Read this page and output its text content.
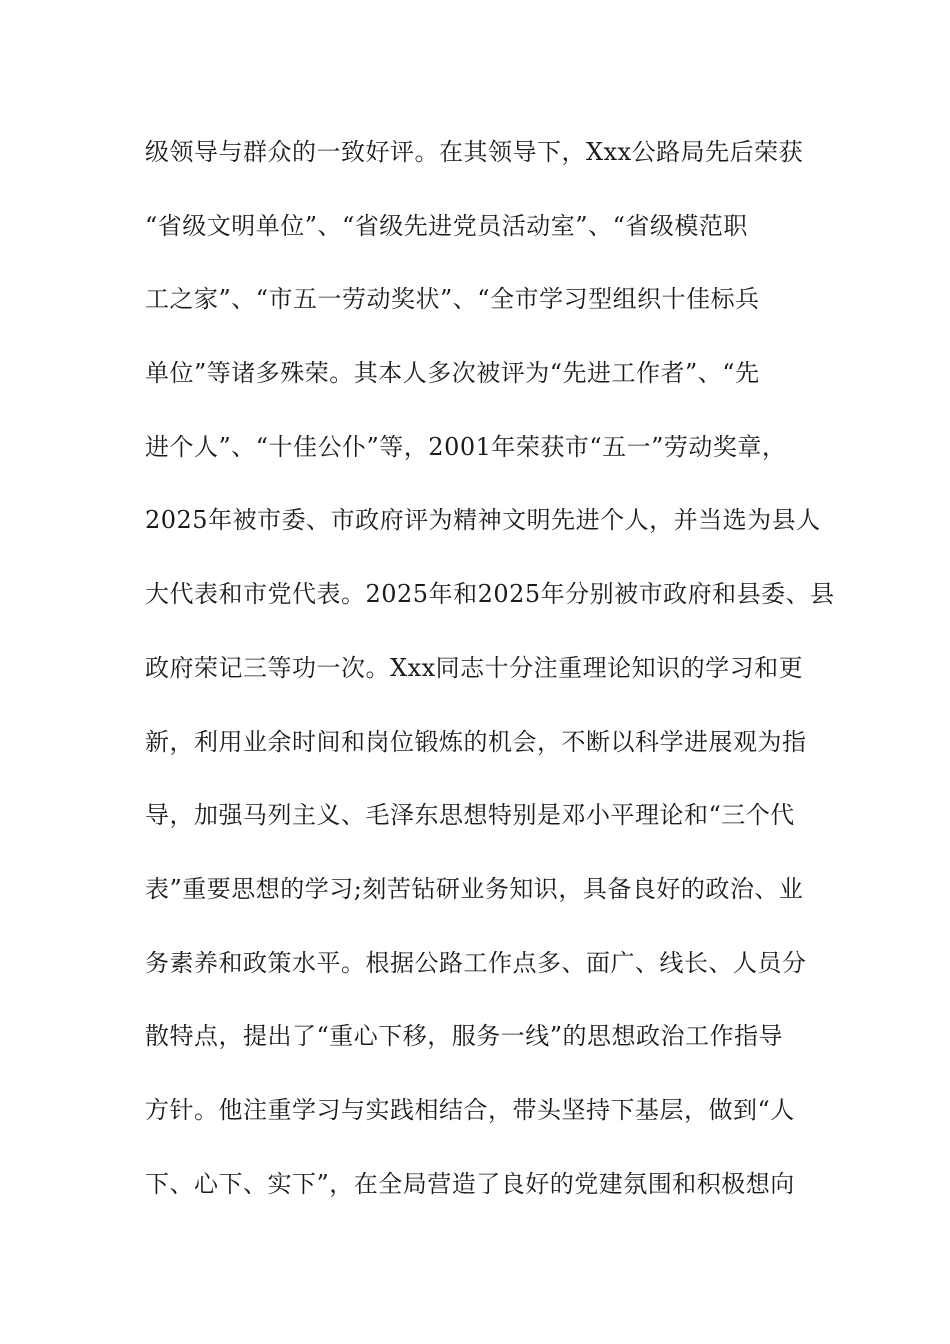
级领导与群众的一致好评。在其领导下，Xxx公路局先后荣获
“省级文明单位”、“省级先进党员活动室”、“省级模范职
工之家”、“市五一劳动奖状”、“全市学习型组织十佳标兵
单位”等诸多殊荣。其本人多次被评为“先进工作者”、“先
进个人”、“十佳公仆”等，2001年荣获市“五一”劳动奖章，
2025年被市委、市政府评为精神文明先进个人，并当选为县人
大代表和市党代表。2025年和2025年分别被市政府和县委、县
政府荣记三等功一次。Xxx同志十分注重理论知识的学习和更
新，利用业余时间和岗位锻炼的机会，不断以科学进展观为指
导，加强马列主义、毛泽东思想特别是邓小平理论和“三个代
表”重要思想的学习;刻苦钻研业务知识，具备良好的政治、业
务素养和政策水平。根据公路工作点多、面广、线长、人员分
散特点，提出了“重心下移，服务一线”的思想政治工作指导
方针。他注重学习与实践相结合，带头坚持下基层，做到“人
下、心下、实下”，在全局营造了良好的党建氛围和积极想向
